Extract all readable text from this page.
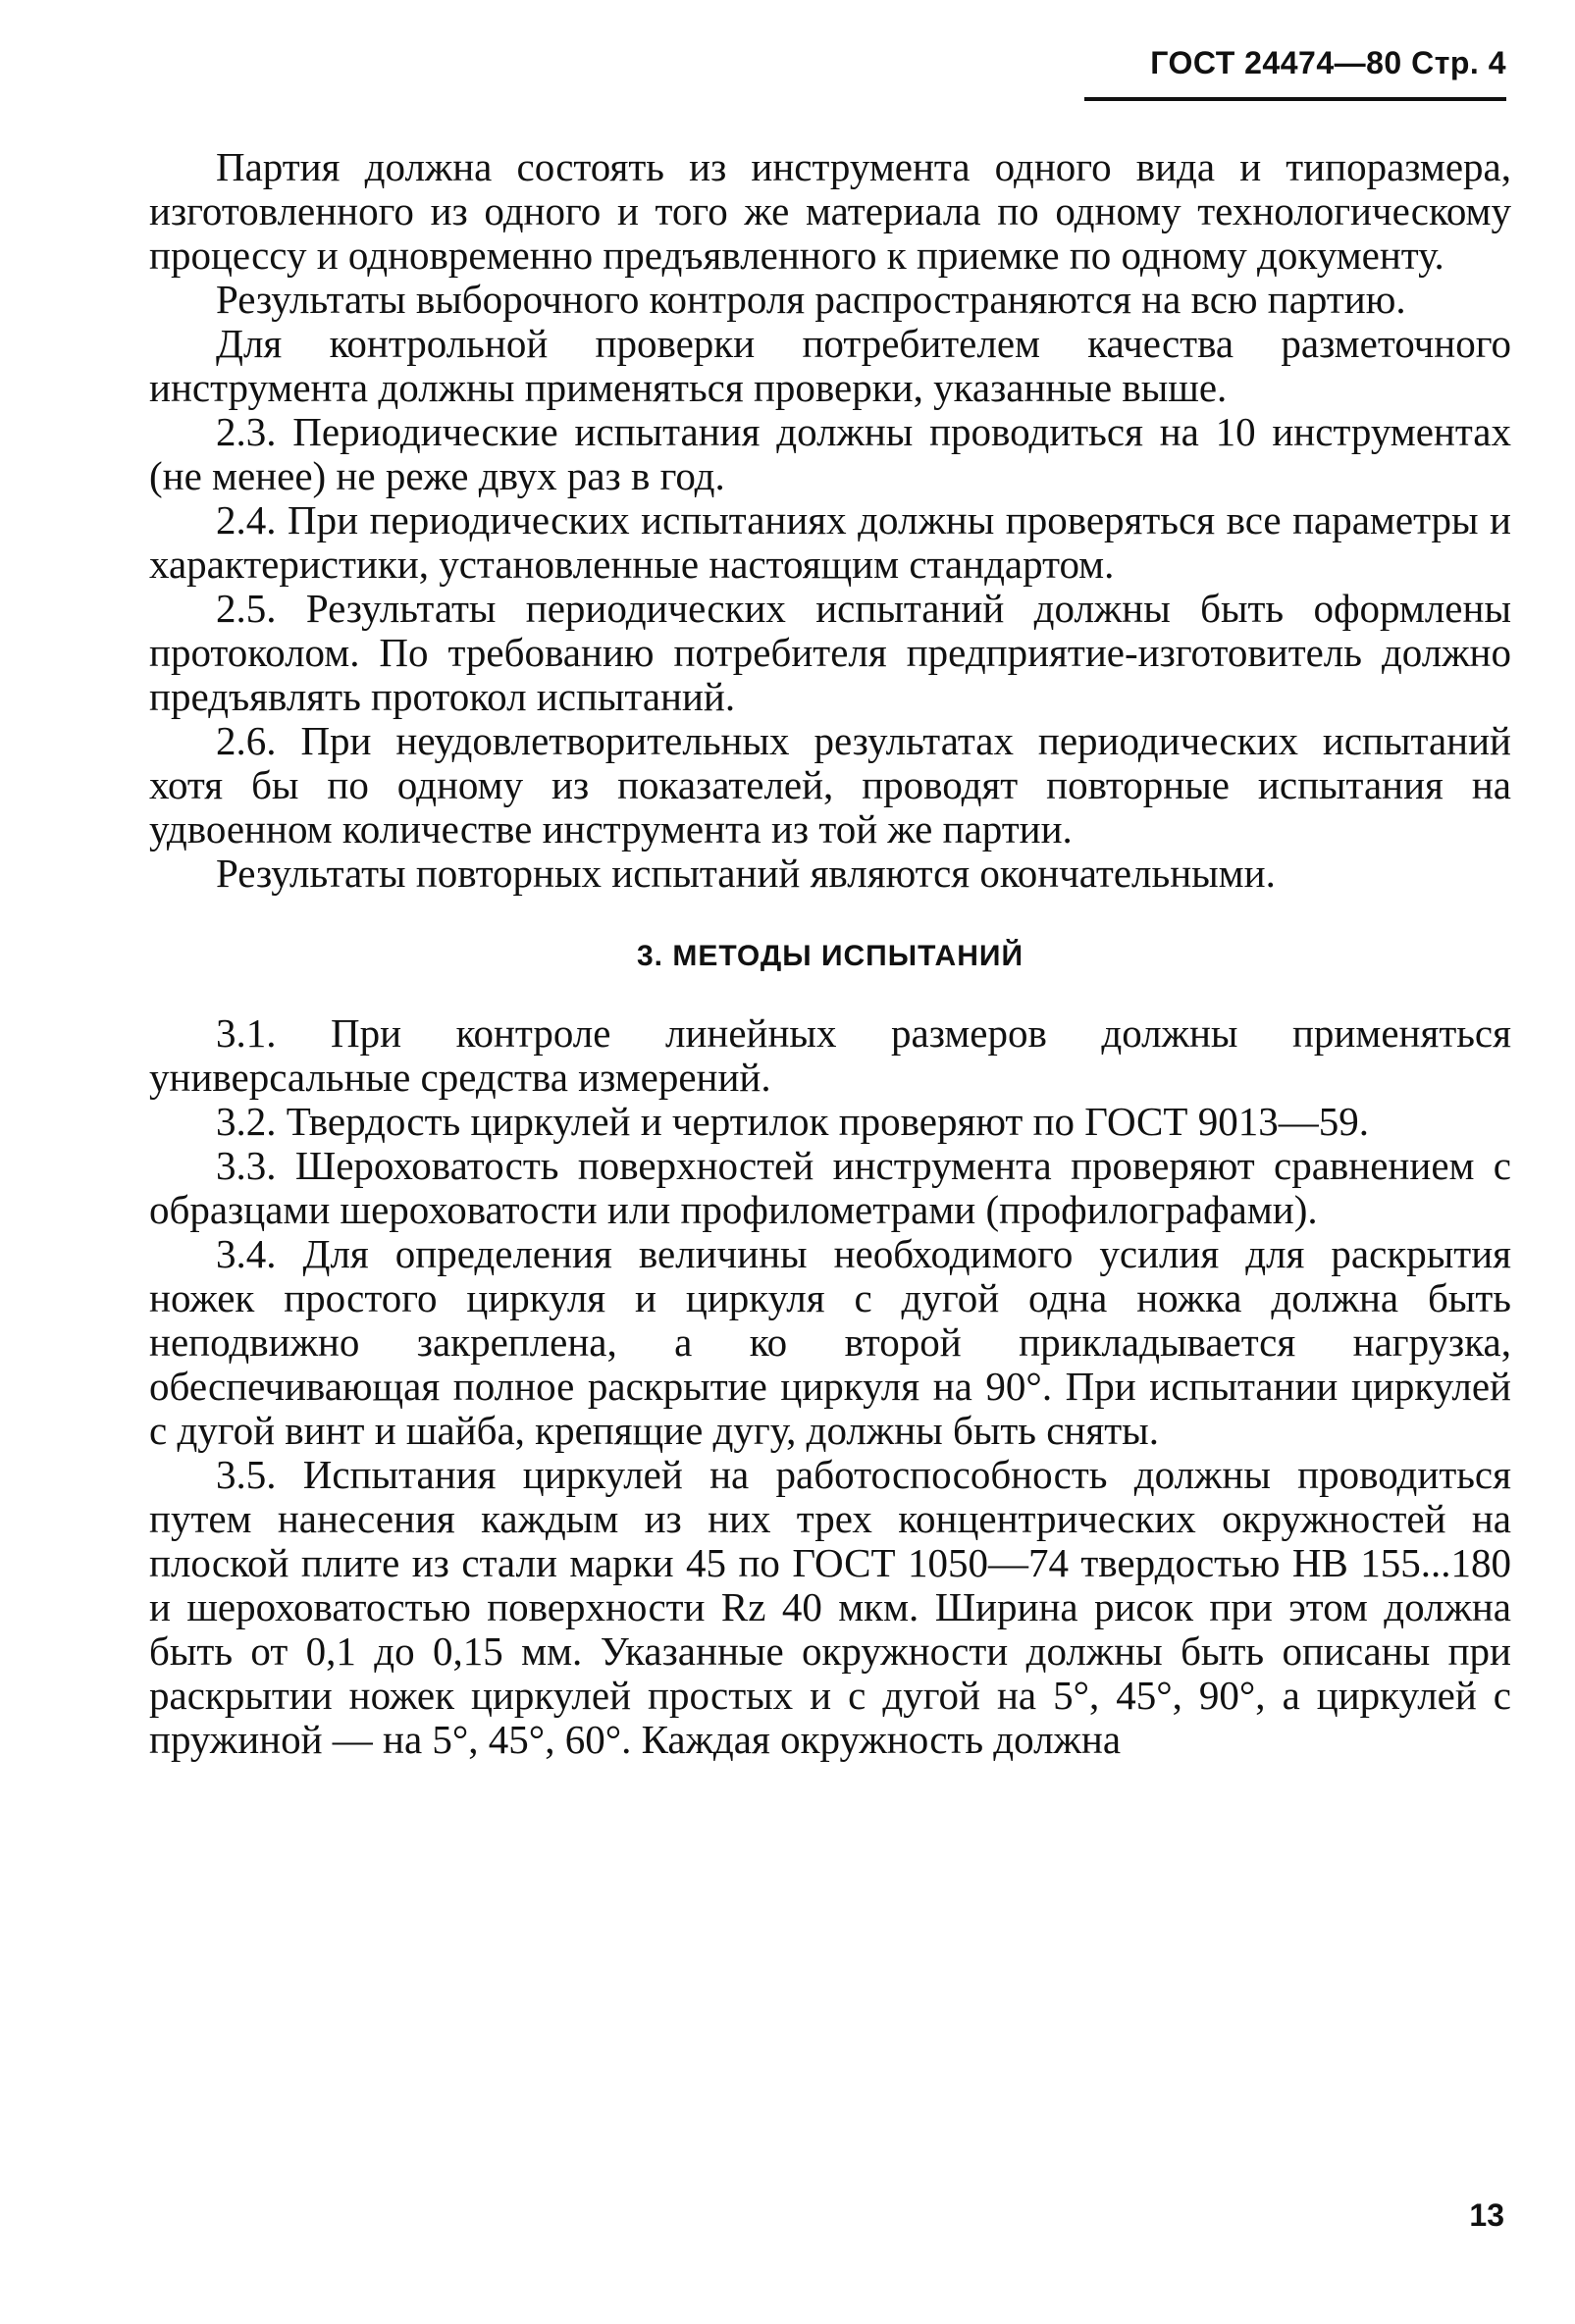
ГОСТ 24474—80 Стр. 4

Партия должна состоять из инструмента одного вида и типоразмера, изготовленного из одного и того же материала по одному технологическому процессу и одновременно предъявленного к приемке по одному документу.

Результаты выборочного контроля распространяются на всю партию.

Для контрольной проверки потребителем качества разметочного инструмента должны применяться проверки, указанные выше.

2.3. Периодические испытания должны проводиться на 10 инструментах (не менее) не реже двух раз в год.

2.4. При периодических испытаниях должны проверяться все параметры и характеристики, установленные настоящим стандартом.

2.5. Результаты периодических испытаний должны быть оформлены протоколом. По требованию потребителя предприятие-изготовитель должно предъявлять протокол испытаний.

2.6. При неудовлетворительных результатах периодических испытаний хотя бы по одному из показателей, проводят повторные испытания на удвоенном количестве инструмента из той же партии.

Результаты повторных испытаний являются окончательными.

3. МЕТОДЫ ИСПЫТАНИЙ

3.1. При контроле линейных размеров должны применяться универсальные средства измерений.

3.2. Твердость циркулей и чертилок проверяют по ГОСТ 9013—59.

3.3. Шероховатость поверхностей инструмента проверяют сравнением с образцами шероховатости или профилометрами (профилографами).

3.4. Для определения величины необходимого усилия для раскрытия ножек простого циркуля и циркуля с дугой одна ножка должна быть неподвижно закреплена, а ко второй прикладывается нагрузка, обеспечивающая полное раскрытие циркуля на 90°. При испытании циркулей с дугой винт и шайба, крепящие дугу, должны быть сняты.

3.5. Испытания циркулей на работоспособность должны проводиться путем нанесения каждым из них трех концентрических окружностей на плоской плите из стали марки 45 по ГОСТ 1050—74 твердостью НВ 155...180 и шероховатостью поверхности Rz 40 мкм. Ширина рисок при этом должна быть от 0,1 до 0,15 мм. Указанные окружности должны быть описаны при раскрытии ножек циркулей простых и с дугой на 5°, 45°, 90°, а циркулей с пружиной — на 5°, 45°, 60°. Каждая окружность должна

13
